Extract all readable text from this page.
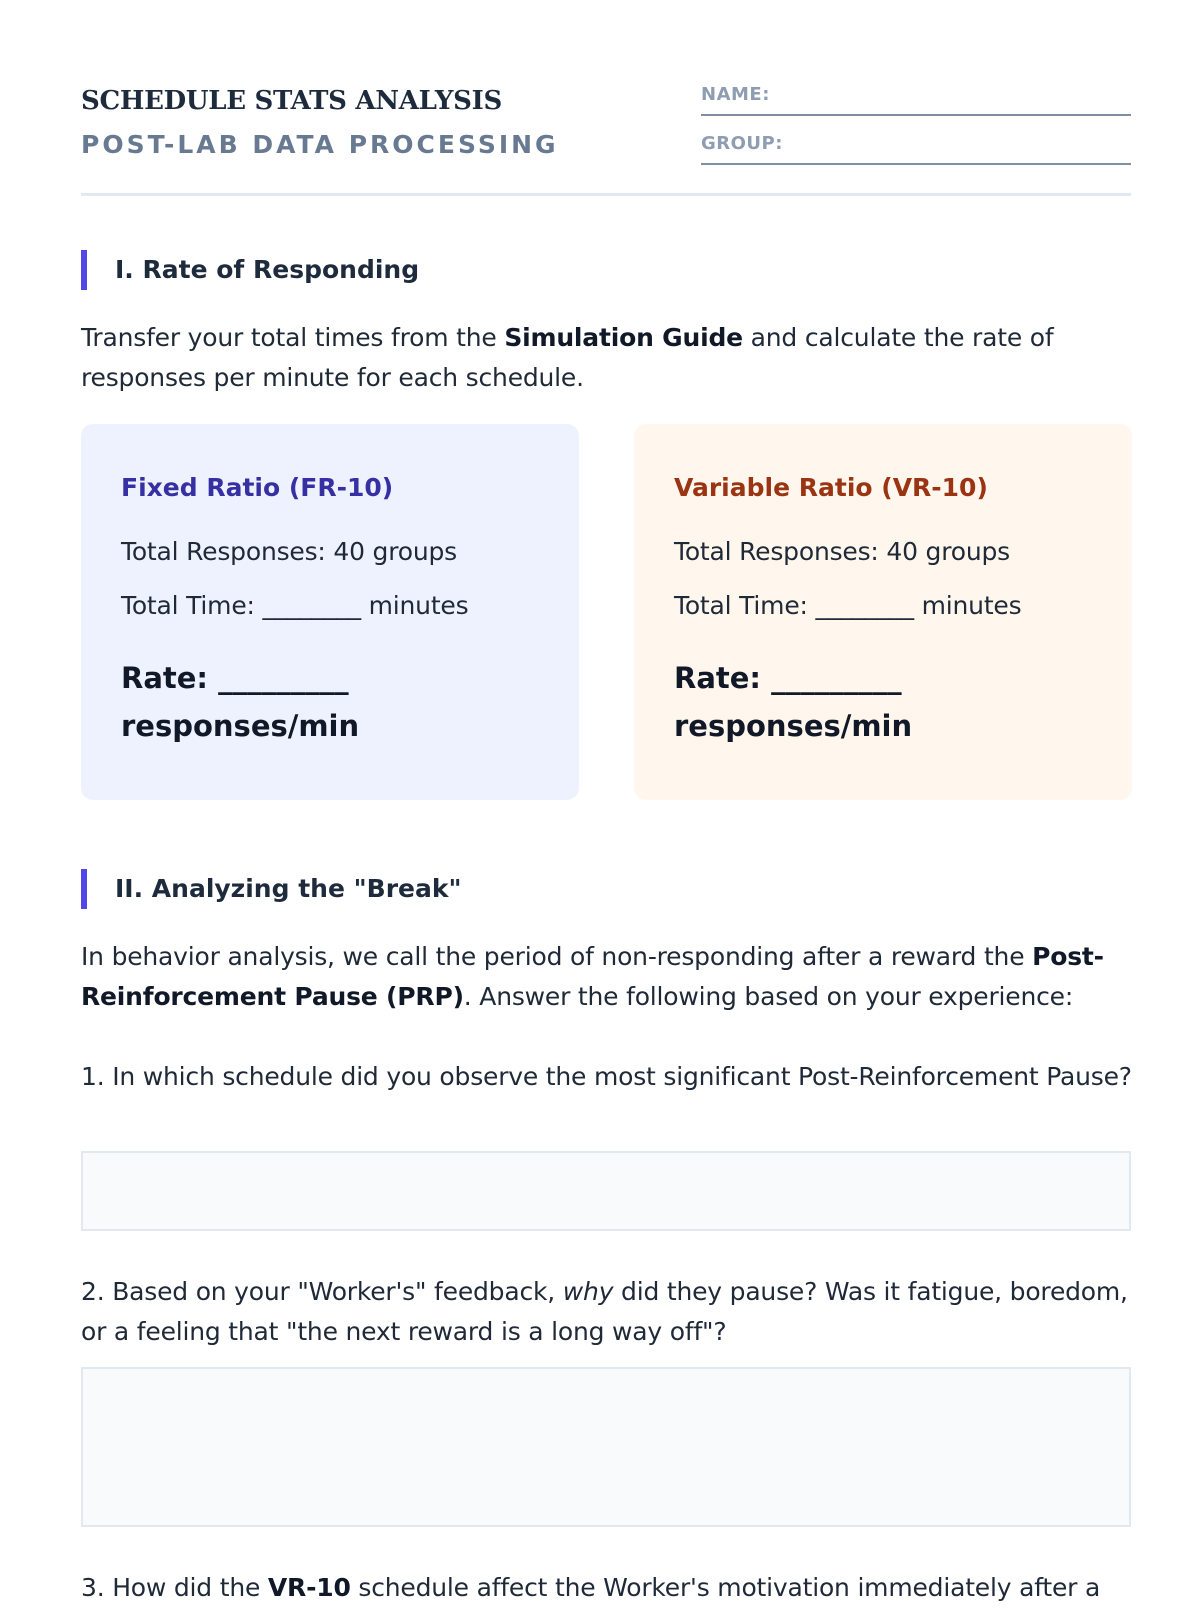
SCHEDULE STATS ANALYSIS
POST-LAB DATA PROCESSING
NAME:
GROUP:
I. Rate of Responding
Transfer your total times from the Simulation Guide and calculate the rate of responses per minute for each schedule.
Fixed Ratio (FR-10)
Total Responses: 40 groups
Total Time: ________ minutes
Rate: _________ responses/min
Variable Ratio (VR-10)
Total Responses: 40 groups
Total Time: ________ minutes
Rate: _________ responses/min
II. Analyzing the "Break"
In behavior analysis, we call the period of non-responding after a reward the Post-Reinforcement Pause (PRP). Answer the following based on your experience:
1. In which schedule did you observe the most significant Post-Reinforcement Pause?
2. Based on your "Worker's" feedback, why did they pause? Was it fatigue, boredom, or a feeling that "the next reward is a long way off"?
3. How did the VR-10 schedule affect the Worker's motivation immediately after a
